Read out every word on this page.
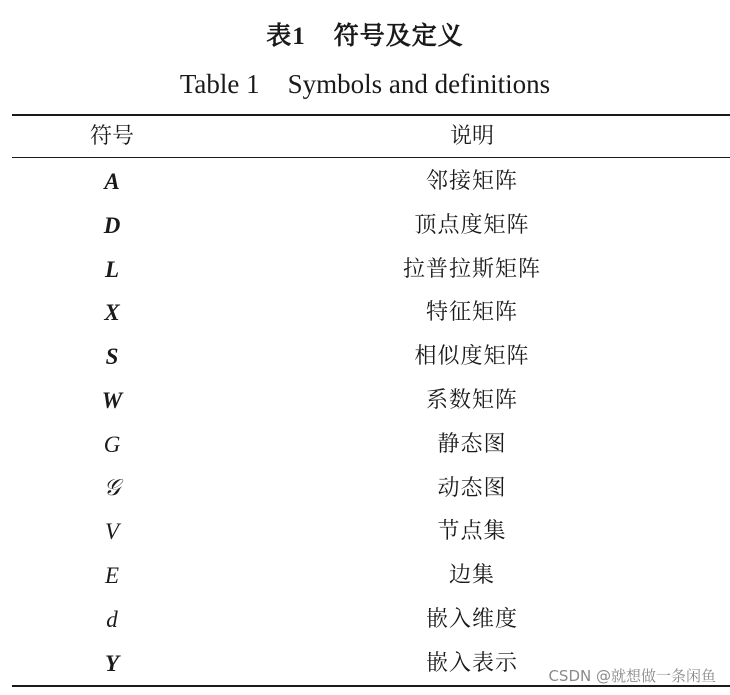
表1 符号及定义
Table 1 Symbols and definitions
符号	说明
A	邻接矩阵
D	顶点度矩阵
L	拉普拉斯矩阵
X	特征矩阵
S	相似度矩阵
W	系数矩阵
G	静态图
𝒢	动态图
V	节点集
E	边集
d	嵌入维度
Y	嵌入表示
CSDN @就想做一条闲鱼
